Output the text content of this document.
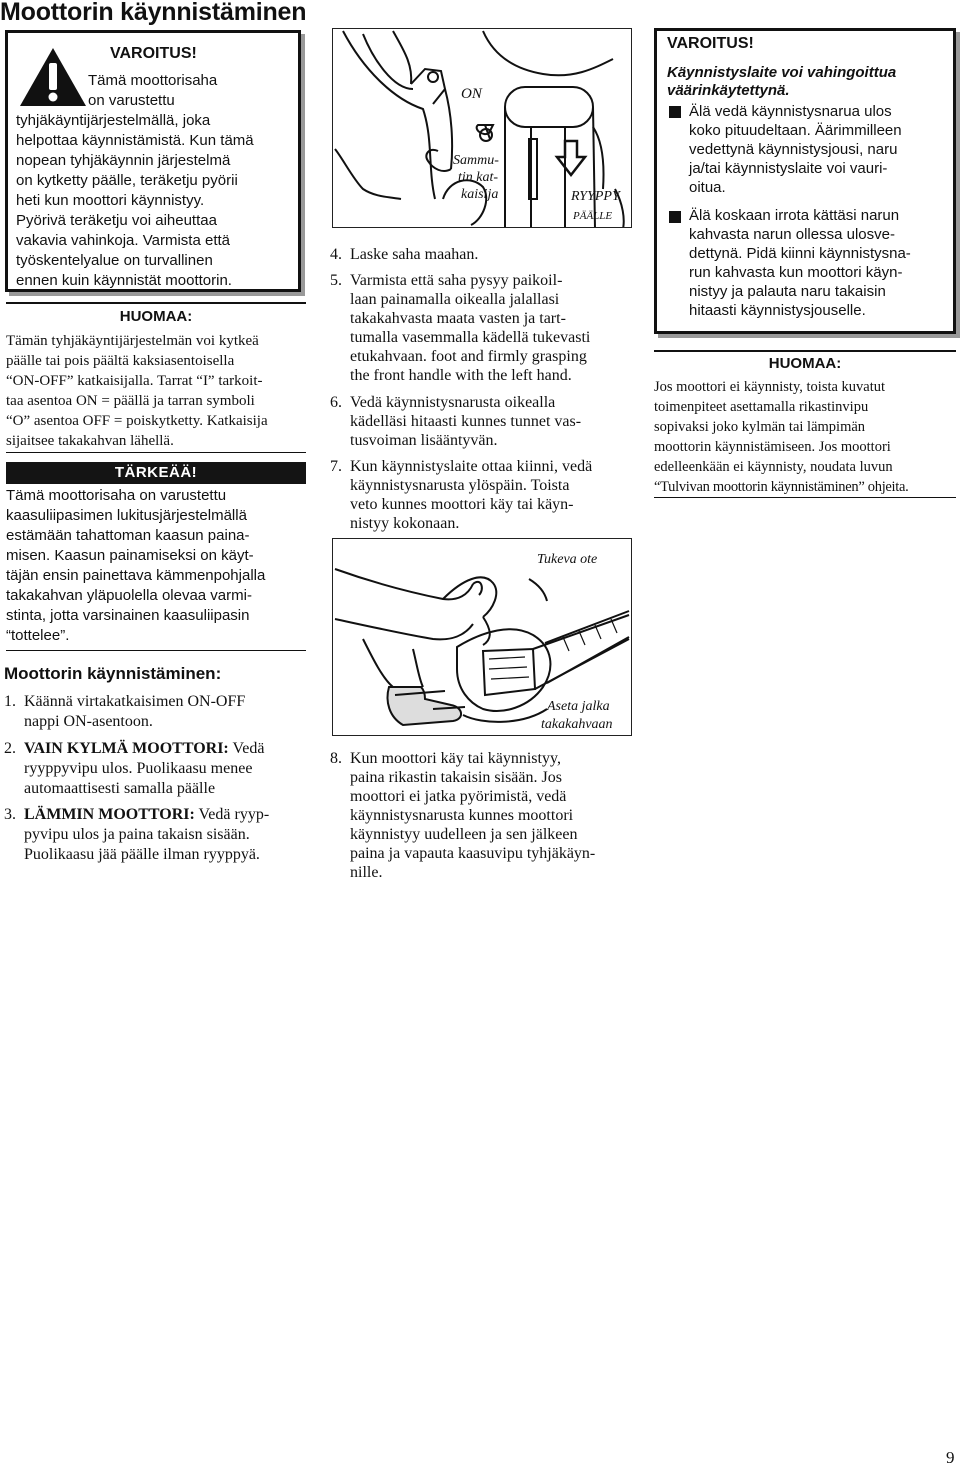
Moottorin käynnistäminen
VAROITUS!
Tämä moottorisaha
on varustettu
tyhjäkäyntijärjestelmällä, joka
helpottaa käynnistämistä. Kun tämä
nopean tyhjäkäynnin järjestelmä
on kytketty päälle, teräketju pyörii
heti kun moottori käynnistyy.
Pyörivä teräketju voi aiheuttaa
vakavia vahinkoja. Varmista että
työskentelyalue on turvallinen
ennen kuin käynnistät moottorin.
HUOMAA:
Tämän tyhjäkäyntijärjestelmän voi kytkeä
päälle tai pois päältä kaksiasentoisella
“ON-OFF” katkaisijalla. Tarrat “I” tarkoit-
taa asentoa ON = päällä ja tarran symboli
“O” asentoa OFF = poiskytketty. Katkaisija
sijaitsee takakahvan lähellä.
TÄRKEÄÄ!
Tämä moottorisaha on varustettu
kaasuliipasimen lukitusjärjestelmällä
estämään tahattoman kaasun paina-
misen. Kaasun painamiseksi on käyt-
täjän ensin painettava kämmenpohjalla
takakahvan yläpuolella olevaa varmi-
stinta, jotta varsinainen kaasuliipasin
“tottelee”.
Moottorin käynnistäminen:
1. Käännä virtakatkaisimen ON-OFF
nappi ON-asentoon.
2. VAIN KYLMÄ MOOTTORI: Vedä
ryyppyvipu ulos. Puolikaasu menee
automaattisesti samalla päälle
3. LÄMMIN MOOTTORI: Vedä ryyp-
pyvipu ulos ja paina takaisn sisään.
Puolikaasu jää päälle ilman ryyppyä.
ON
Sammu-
tin kat-
kaisija	RYYPPY
PÄÄLLE
4. Laske saha maahan.
5. Varmista että saha pysyy paikoil-
laan painamalla oikealla jalallasi
takakahvasta maata vasten ja tart-
tumalla vasemmalla kädellä tukevasti
etukahvaan. foot and firmly grasping
the front handle with the left hand.
6. Vedä käynnistysnarusta oikealla
kädelläsi hitaasti kunnes tunnet vas-
tusvoiman lisääntyvän.
7. Kun käynnistyslaite ottaa kiinni, vedä
käynnistysnarusta ylöspäin. Toista
veto kunnes moottori käy tai käyn-
nistyy kokonaan.
Tukeva ote
Aseta jalka
takakahvaan
8. Kun moottori käy tai käynnistyy,
paina rikastin takaisin sisään. Jos
moottori ei jatka pyörimistä, vedä
käynnistysnarusta kunnes moottori
käynnistyy uudelleen ja sen jälkeen
paina ja vapauta kaasuvipu tyhjäkäyn-
nille.
VAROITUS!
Käynnistyslaite voi vahingoittua
väärinkäytettynä.
Älä vedä käynnistysnarua ulos
koko pituudeltaan. Äärimmilleen
vedettynä käynnistysjousi, naru
ja/tai käynnistyslaite voi vauri-
oitua.
Älä koskaan irrota kättäsi narun
kahvasta narun ollessa ulosve-
dettynä. Pidä kiinni käynnistysna-
run kahvasta kun moottori käyn-
nistyy ja palauta naru takaisin
hitaasti käynnistysjouselle.
HUOMAA:
Jos moottori ei käynnisty, toista kuvatut
toimenpiteet asettamalla rikastinvipu
sopivaksi joko kylmän tai lämpimän
moottorin käynnistämiseen. Jos moottori
edelleenkään ei käynnisty, noudata luvun
“Tulvivan moottorin käynnistäminen” ohjeita.
9
